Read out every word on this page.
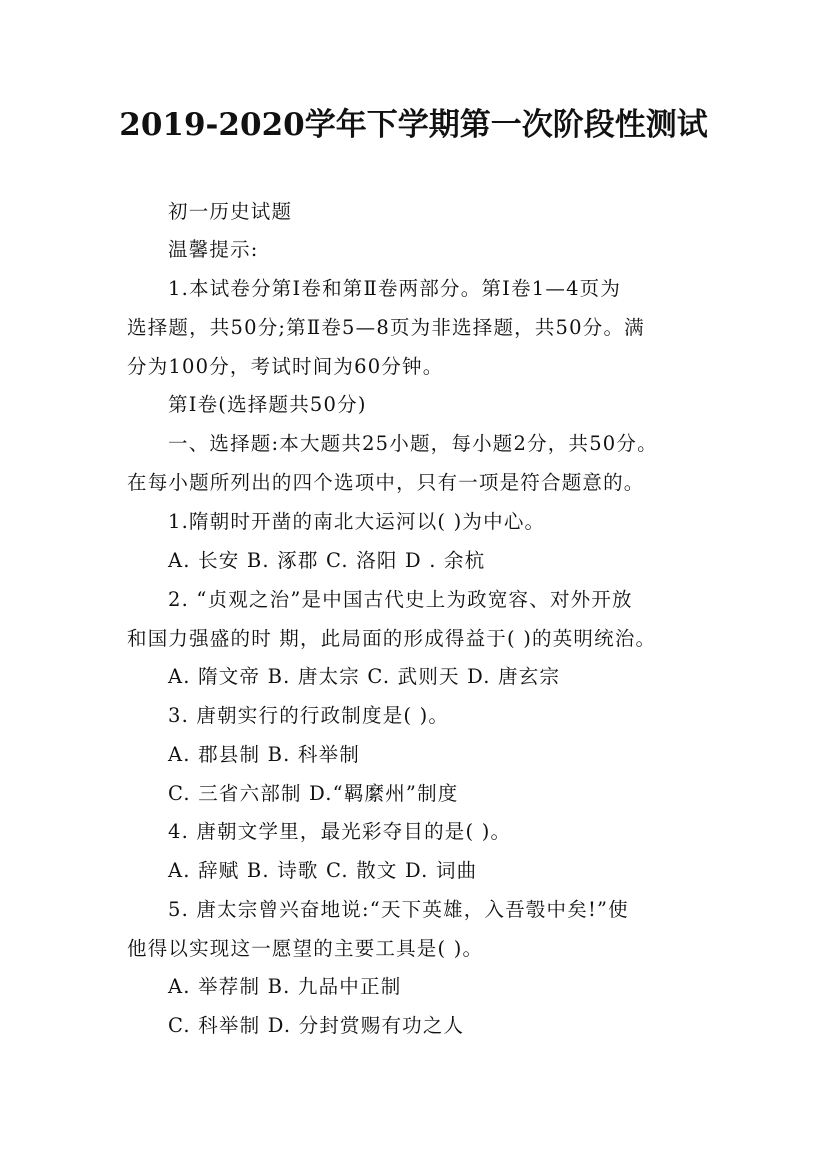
2019-2020学年下学期第一次阶段性测试
初一历史试题
温馨提示:
1.本试卷分第Ⅰ卷和第Ⅱ卷两部分。第Ⅰ卷1—4页为
选择题，共50分;第Ⅱ卷5—8页为非选择题，共50分。满
分为100分，考试时间为60分钟。
第Ⅰ卷(选择题共50分)
一、选择题:本大题共25小题，每小题2分，共50分。
在每小题所列出的四个选项中，只有一项是符合题意的。
1.隋朝时开凿的南北大运河以( )为中心。
A. 长安 B. 涿郡 C. 洛阳 D . 余杭
2. “贞观之治”是中国古代史上为政宽容、对外开放
和国力强盛的时 期，此局面的形成得益于( )的英明统治。
A. 隋文帝 B. 唐太宗 C. 武则天 D. 唐玄宗
3. 唐朝实行的行政制度是( )。
A. 郡县制 B. 科举制
C. 三省六部制 D.“羁縻州”制度
4. 唐朝文学里，最光彩夺目的是( )。
A. 辞赋 B. 诗歌 C. 散文 D. 词曲
5. 唐太宗曾兴奋地说:“天下英雄，入吾彀中矣!”使
他得以实现这一愿望的主要工具是( )。
A. 举荐制 B. 九品中正制
C. 科举制 D. 分封赏赐有功之人
